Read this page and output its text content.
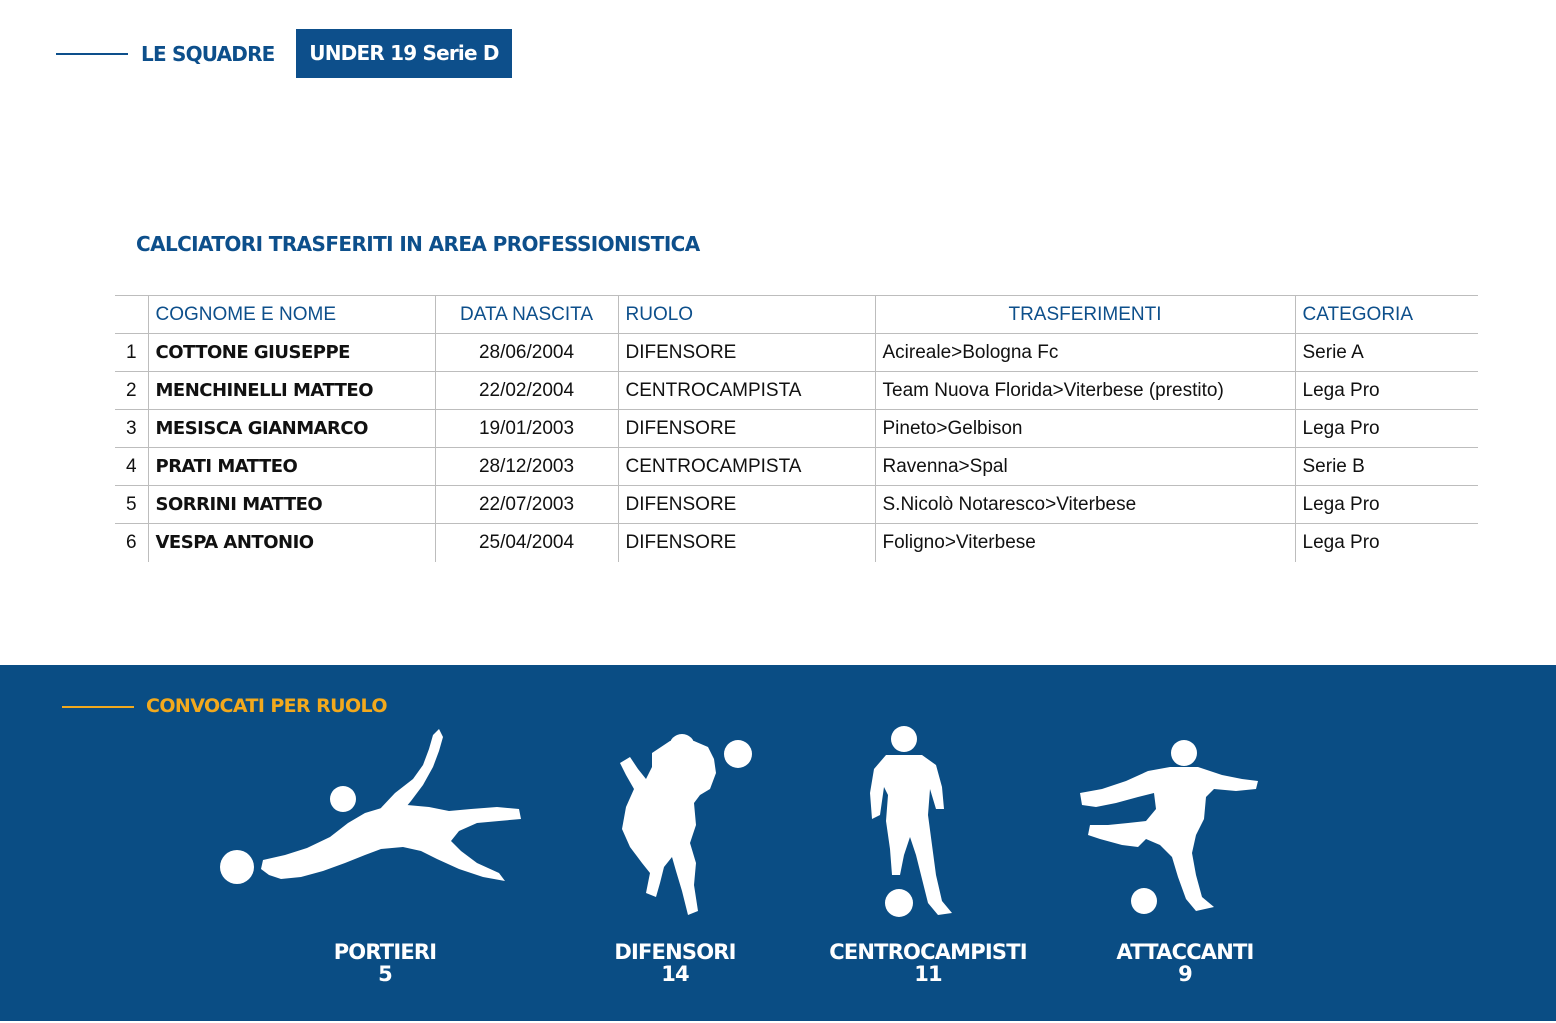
LE SQUADRE	UNDER 19 Serie D
CALCIATORI TRASFERITI IN AREA PROFESSIONISTICA
	COGNOME E NOME	DATA NASCITA	RUOLO	TRASFERIMENTI	CATEGORIA
1	COTTONE GIUSEPPE	28/06/2004	DIFENSORE	Acireale>Bologna Fc	Serie A
2	MENCHINELLI MATTEO	22/02/2004	CENTROCAMPISTA	Team Nuova Florida>Viterbese (prestito)	Lega Pro
3	MESISCA GIANMARCO	19/01/2003	DIFENSORE	Pineto>Gelbison	Lega Pro
4	PRATI MATTEO	28/12/2003	CENTROCAMPISTA	Ravenna>Spal	Serie B
5	SORRINI MATTEO	22/07/2003	DIFENSORE	S.Nicolò Notaresco>Viterbese	Lega Pro
6	VESPA ANTONIO	25/04/2004	DIFENSORE	Foligno>Viterbese	Lega Pro
CONVOCATI PER RUOLO
PORTIERI
5
DIFENSORI
14
CENTROCAMPISTI
11
ATTACCANTI
9
